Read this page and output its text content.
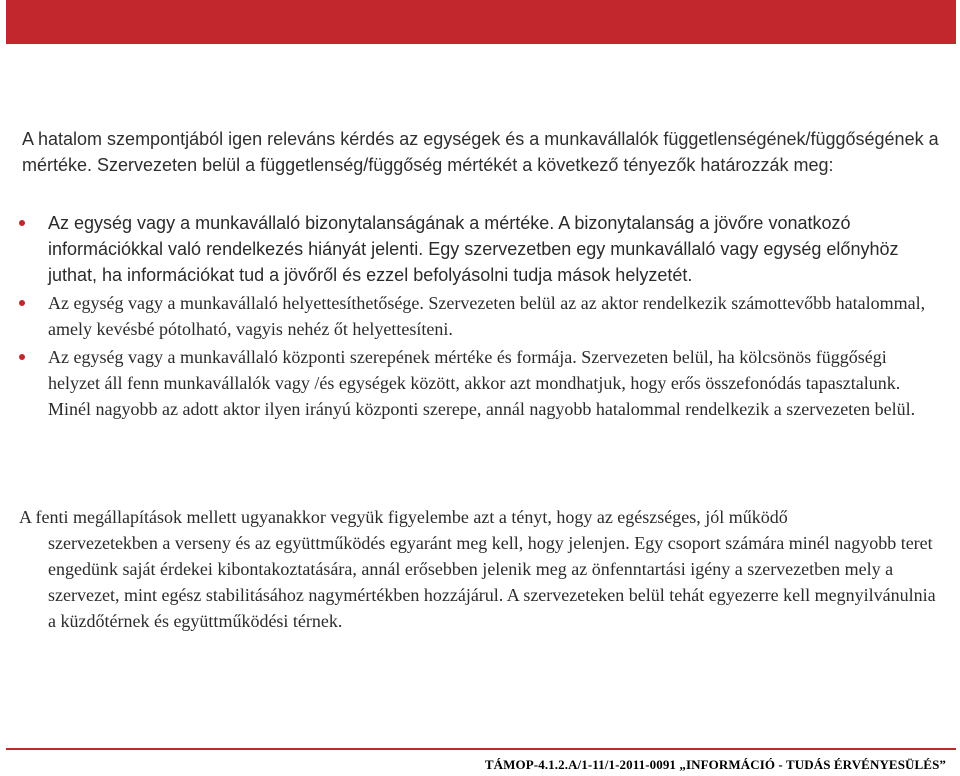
A hatalom szempontjából igen releváns kérdés az egységek és a munkavállalók függetlenségének/függőségének a
mértéke. Szervezeten belül a függetlenség/függőség mértékét a következő tényezők határozzák meg:
Az egység vagy a munkavállaló bizonytalanságának a mértéke. A bizonytalanság a jövőre vonatkozó információkkal való rendelkezés hiányát jelenti. Egy szervezetben egy munkavállaló vagy egység előnyhöz juthat, ha információkat tud a jövőről és ezzel befolyásolni tudja mások helyzetét.
Az egység vagy a munkavállaló helyettesíthetősége. Szervezeten belül az az aktor rendelkezik számottevőbb hatalommal, amely kevésbé pótolható, vagyis nehéz őt helyettesíteni.
Az egység vagy a munkavállaló központi szerepének mértéke és formája. Szervezeten belül, ha kölcsönös függőségi helyzet áll fenn munkavállalók vagy /és egységek között, akkor azt mondhatjuk, hogy erős összefonódás tapasztalunk. Minél nagyobb az adott aktor ilyen irányú központi szerepe, annál nagyobb hatalommal rendelkezik a szervezeten belül.
A fenti megállapítások mellett ugyanakkor vegyük figyelembe azt a tényt, hogy az egészséges, jól működő
szervezetekben a verseny és az együttműködés egyaránt meg kell, hogy jelenjen. Egy csoport számára minél nagyobb teret engedünk saját érdekei kibontakoztatására, annál erősebben jelenik meg az önfenntartási igény a szervezetben mely a szervezet, mint egész stabilitásához nagymértékben hozzájárul. A szervezeteken belül tehát egyezerre kell megnyilvánulnia a küzdőtérnek és együttműködési térnek.
TÁMOP-4.1.2.A/1-11/1-2011-0091 „INFORMÁCIÓ - TUDÁS ÉRVÉNYESÜLÉS”
